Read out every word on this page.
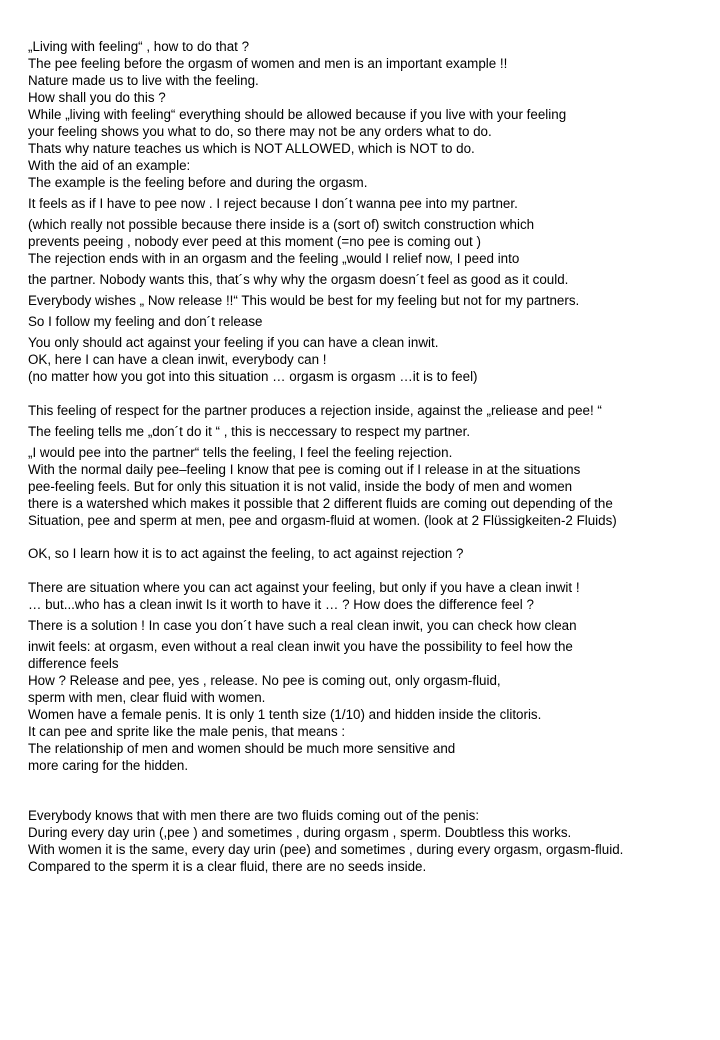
„Living with feeling“ , how to do that ?

The pee feeling before the orgasm of women and men is an important example !!

Nature made us to live with the feeling.

How shall you do this ?

While „living with feeling“ everything should be allowed because if you live with your feeling

your feeling shows you what to do, so there may not be any orders what to do.

Thats why nature teaches us which is NOT ALLOWED, which is NOT to do.

With the aid of an example:

The example is the feeling before and during the orgasm.

It feels as if I have to pee now . I reject because I don´t wanna pee into my partner.

(which really not possible because there inside is a (sort of) switch construction which

prevents peeing , nobody ever peed at this moment (=no pee is coming out )

The rejection ends with in an orgasm and the feeling „would I relief now, I peed into

the partner. Nobody wants this, that´s why why the orgasm doesn´t feel as good as it could.

Everybody wishes „ Now release !!“ This would be best for my feeling but not for my partners.

So I follow my feeling and don´t release

You only should act against your feeling if you can have a clean inwit.

OK, here I can have a clean inwit, everybody can !

(no matter how you got into this situation … orgasm is orgasm …it is to feel)

This feeling of respect for the partner produces a rejection inside, against the „reliease and pee! “

The feeling tells me „don´t do it “ , this is neccessary to respect my partner.

„I would pee into the partner“ tells the feeling, I feel the feeling rejection.

With the normal daily pee–feeling I know that pee is coming out if I release in at the situations

pee-feeling feels. But for only this situation it is not valid, inside the body of men and women

there is a watershed which makes it possible that 2 different fluids are coming out depending of the

Situation, pee and sperm at men, pee and orgasm-fluid at women. (look at 2 Flüssigkeiten-2 Fluids)

OK, so I learn how it is to act against the feeling, to act against rejection ?

There are situation where you can act against your feeling, but only if you have a clean inwit !

… but...who has a clean inwit Is it worth to have it … ? How does the difference feel ?

There is a solution ! In case you don´t have such a real clean inwit, you can check how clean

inwit feels: at orgasm, even without a real clean inwit you have the possibility to feel how the

difference feels

How ? Release and pee, yes , release. No pee is coming out, only orgasm-fluid,

sperm with men, clear fluid with women.

Women have a female penis. It is only 1 tenth size (1/10) and hidden inside the clitoris.

It can pee and sprite like the male penis, that means :

The relationship of men and women should be much more sensitive and

more caring for the hidden.

Everybody knows that with men there are two fluids coming out of the penis:

During every day urin (,pee ) and sometimes , during orgasm , sperm. Doubtless this works.

With women it is the same, every day urin (pee) and sometimes , during every orgasm, orgasm-fluid.

Compared to the sperm it is a clear fluid, there are no seeds inside.
